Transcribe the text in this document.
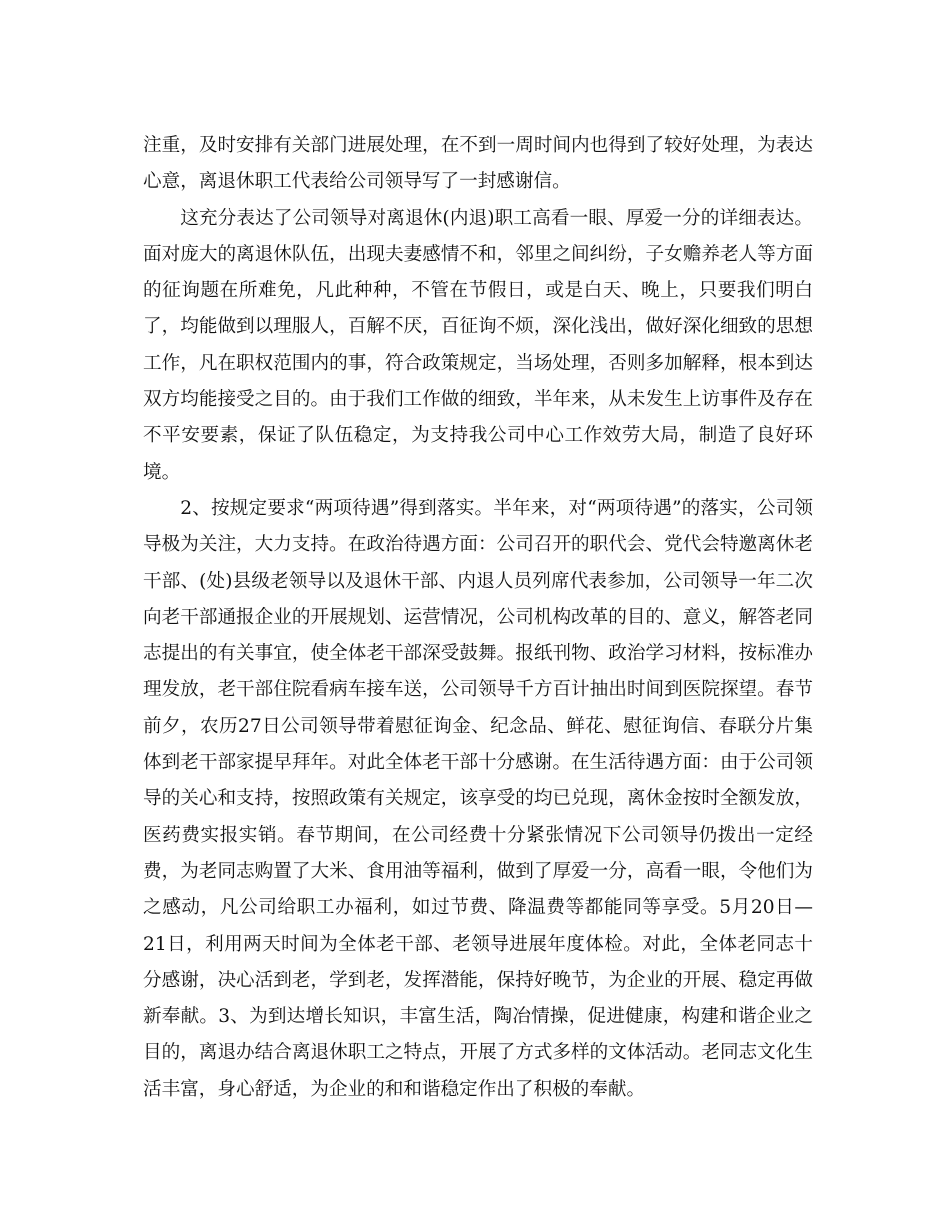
注重，及时安排有关部门进展处理，在不到一周时间内也得到了较好处理，为表达心意，离退休职工代表给公司领导写了一封感谢信。

这充分表达了公司领导对离退休(内退)职工高看一眼、厚爱一分的详细表达。面对庞大的离退休队伍，出现夫妻感情不和，邻里之间纠纷，子女赡养老人等方面的征询题在所难免，凡此种种，不管在节假日，或是白天、晚上，只要我们明白了，均能做到以理服人，百解不厌，百征询不烦，深化浅出，做好深化细致的思想工作，凡在职权范围内的事，符合政策规定，当场处理，否则多加解释，根本到达双方均能接受之目的。由于我们工作做的细致，半年来，从未发生上访事件及存在不平安要素，保证了队伍稳定，为支持我公司中心工作效劳大局，制造了良好环境。

2、按规定要求“两项待遇”得到落实。半年来，对“两项待遇”的落实，公司领导极为关注，大力支持。在政治待遇方面：公司召开的职代会、党代会特邀离休老干部、(处)县级老领导以及退休干部、内退人员列席代表参加，公司领导一年二次向老干部通报企业的开展规划、运营情况，公司机构改革的目的、意义，解答老同志提出的有关事宜，使全体老干部深受鼓舞。报纸刊物、政治学习材料，按标准办理发放，老干部住院看病车接车送，公司领导千方百计抽出时间到医院探望。春节前夕，农历27日公司领导带着慰征询金、纪念品、鲜花、慰征询信、春联分片集体到老干部家提早拜年。对此全体老干部十分感谢。在生活待遇方面：由于公司领导的关心和支持，按照政策有关规定，该享受的均已兑现，离休金按时全额发放，医药费实报实销。春节期间，在公司经费十分紧张情况下公司领导仍拨出一定经费，为老同志购置了大米、食用油等福利，做到了厚爱一分，高看一眼，令他们为之感动，凡公司给职工办福利，如过节费、降温费等都能同等享受。5月20日—21日，利用两天时间为全体老干部、老领导进展年度体检。对此，全体老同志十分感谢，决心活到老，学到老，发挥潜能，保持好晚节，为企业的开展、稳定再做新奉献。3、为到达增长知识，丰富生活，陶冶情操，促进健康，构建和谐企业之目的，离退办结合离退休职工之特点，开展了方式多样的文体活动。老同志文化生活丰富，身心舒适，为企业的和和谐稳定作出了积极的奉献。
